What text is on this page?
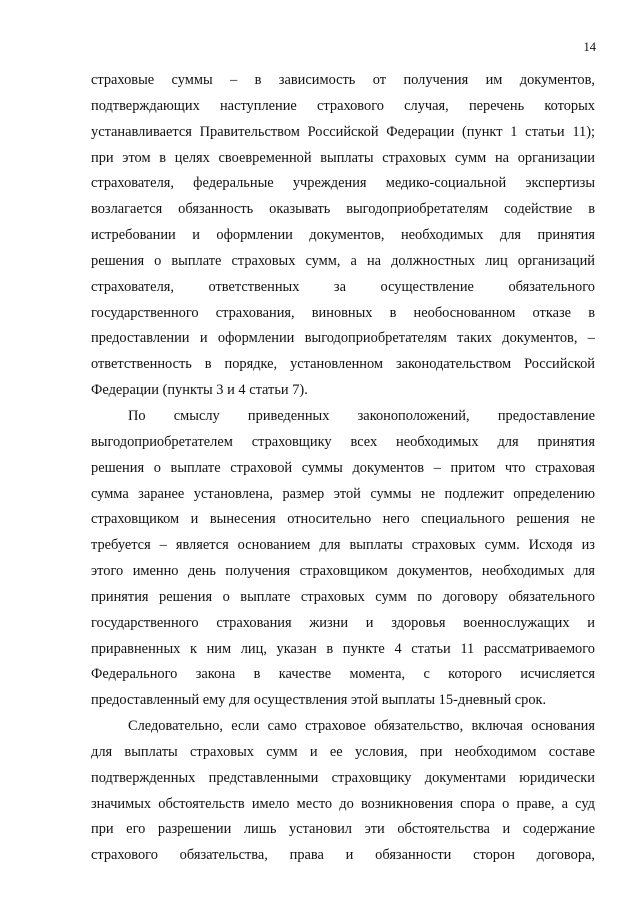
14
страховые суммы – в зависимость от получения им документов,
подтверждающих наступление страхового случая, перечень которых
устанавливается Правительством Российской Федерации (пункт 1 статьи 11);
при этом в целях своевременной выплаты страховых сумм на организации
страхователя, федеральные учреждения медико-социальной экспертизы
возлагается обязанность оказывать выгодоприобретателям содействие в
истребовании и оформлении документов, необходимых для принятия
решения о выплате страховых сумм, а на должностных лиц организаций
страхователя, ответственных за осуществление обязательного
государственного страхования, виновных в необоснованном отказе в
предоставлении и оформлении выгодоприобретателям таких документов, –
ответственность в порядке, установленном законодательством Российской
Федерации (пункты 3 и 4 статьи 7).
По смыслу приведенных законоположений, предоставление
выгодоприобретателем страховщику всех необходимых для принятия
решения о выплате страховой суммы документов – притом что страховая
сумма заранее установлена, размер этой суммы не подлежит определению
страховщиком и вынесения относительно него специального решения не
требуется – является основанием для выплаты страховых сумм. Исходя из
этого именно день получения страховщиком документов, необходимых для
принятия решения о выплате страховых сумм по договору обязательного
государственного страхования жизни и здоровья военнослужащих и
приравненных к ним лиц, указан в пункте 4 статьи 11 рассматриваемого
Федерального закона в качестве момента, с которого исчисляется
предоставленный ему для осуществления этой выплаты 15-дневный срок.
Следовательно, если само страховое обязательство, включая основания
для выплаты страховых сумм и ее условия, при необходимом составе
подтвержденных представленными страховщику документами юридически
значимых обстоятельств имело место до возникновения спора о праве, а суд
при его разрешении лишь установил эти обстоятельства и содержание
страхового обязательства, права и обязанности сторон договора,
